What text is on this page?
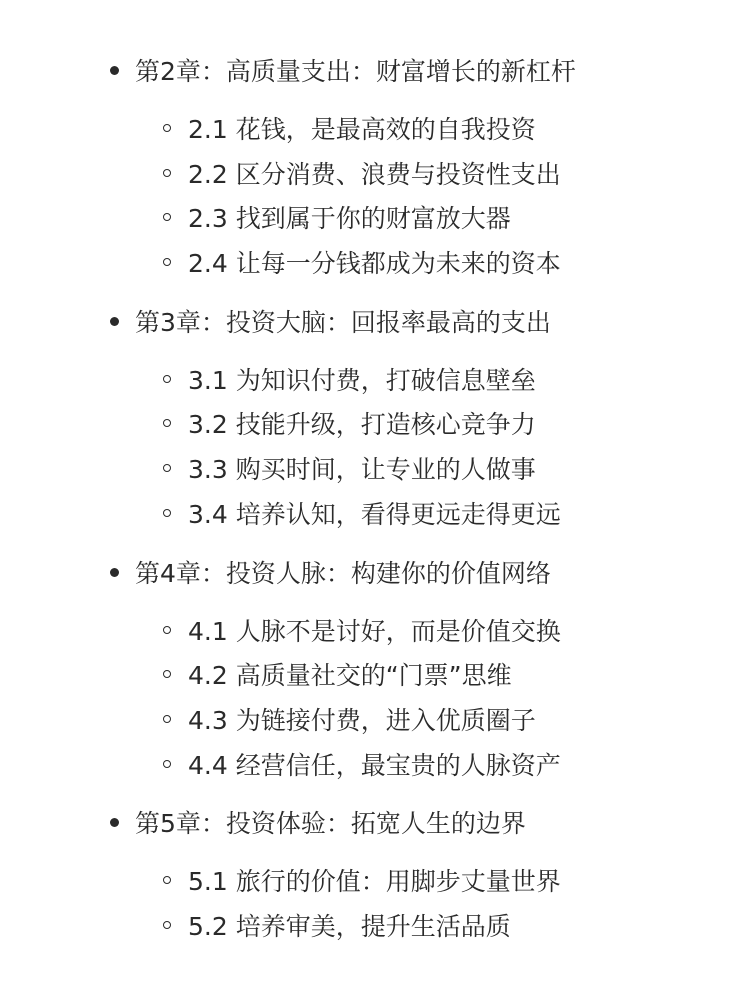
第2章：高质量支出：财富增长的新杠杆
2.1 花钱，是最高效的自我投资
2.2 区分消费、浪费与投资性支出
2.3 找到属于你的财富放大器
2.4 让每一分钱都成为未来的资本
第3章：投资大脑：回报率最高的支出
3.1 为知识付费，打破信息壁垒
3.2 技能升级，打造核心竞争力
3.3 购买时间，让专业的人做事
3.4 培养认知，看得更远走得更远
第4章：投资人脉：构建你的价值网络
4.1 人脉不是讨好，而是价值交换
4.2 高质量社交的“门票”思维
4.3 为链接付费，进入优质圈子
4.4 经营信任，最宝贵的人脉资产
第5章：投资体验：拓宽人生的边界
5.1 旅行的价值：用脚步丈量世界
5.2 培养审美，提升生活品质
